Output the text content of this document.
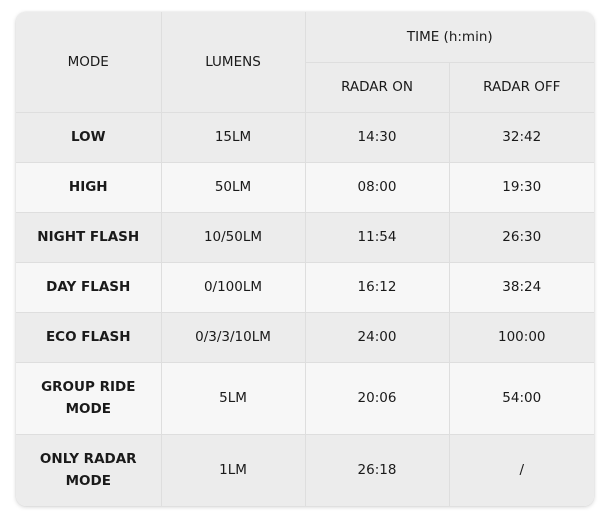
MODE	LUMENS	TIME (h:min)	
		RADAR ON	RADAR OFF
LOW	15LM	14:30	32:42
HIGH	50LM	08:00	19:30
NIGHT FLASH	10/50LM	11:54	26:30
DAY FLASH	0/100LM	16:12	38:24
ECO FLASH	0/3/3/10LM	24:00	100:00
GROUP RIDE MODE	5LM	20:06	54:00
ONLY RADAR MODE	1LM	26:18	/
